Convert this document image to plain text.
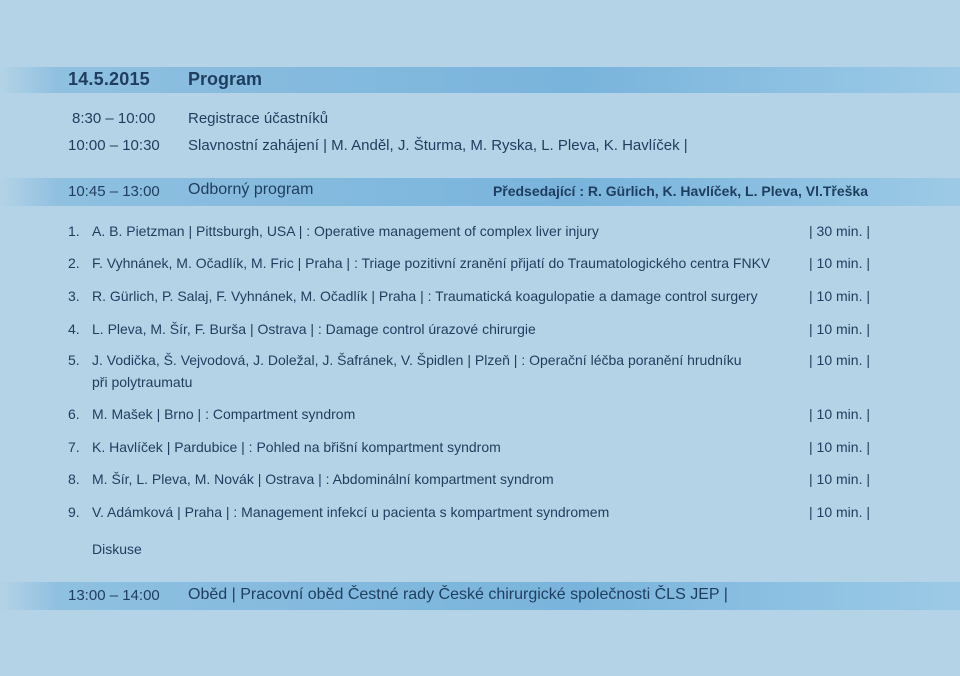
14.5.2015 Program
8:30 – 10:00 Registrace účastníků
10:00 – 10:30 Slavnostní zahájení | M. Anděl, J. Šturma, M. Ryska, L. Pleva, K. Havlíček |
10:45 – 13:00 Odborný program	Předsedající : R. Gürlich, K. Havlíček, L. Pleva, Vl.Třeška
1. A. B. Pietzman | Pittsburgh, USA | : Operative management of complex liver injury	| 30 min. |
2. F. Vyhnánek, M. Očadlík, M. Fric | Praha | : Triage pozitivní zranění přijatí do Traumatologického centra FNKV	| 10 min. |
3. R. Gürlich, P. Salaj, F. Vyhnánek, M. Očadlík | Praha | : Traumatická koagulopatie a damage control surgery	| 10 min. |
4. L. Pleva, M. Šír, F. Burša | Ostrava | : Damage control úrazové chirurgie	| 10 min. |
5. J. Vodička, Š. Vejvodová, J. Doležal, J. Šafránek, V. Špidlen | Plzeň | : Operační léčba poranění hrudníku
při polytraumatu
| 10 min. |
6. M. Mašek | Brno | : Compartment syndrom	| 10 min. |
7. K. Havlíček | Pardubice | : Pohled na břišní kompartment syndrom	| 10 min. |
8. M. Šír, L. Pleva, M. Novák | Ostrava | : Abdominální kompartment syndrom	| 10 min. |
9. V. Adámková | Praha | : Management infekcí u pacienta s kompartment syndromem	| 10 min. |
Diskuse
13:00 – 14:00 Oběd | Pracovní oběd Čestné rady České chirurgické společnosti ČLS JEP |
